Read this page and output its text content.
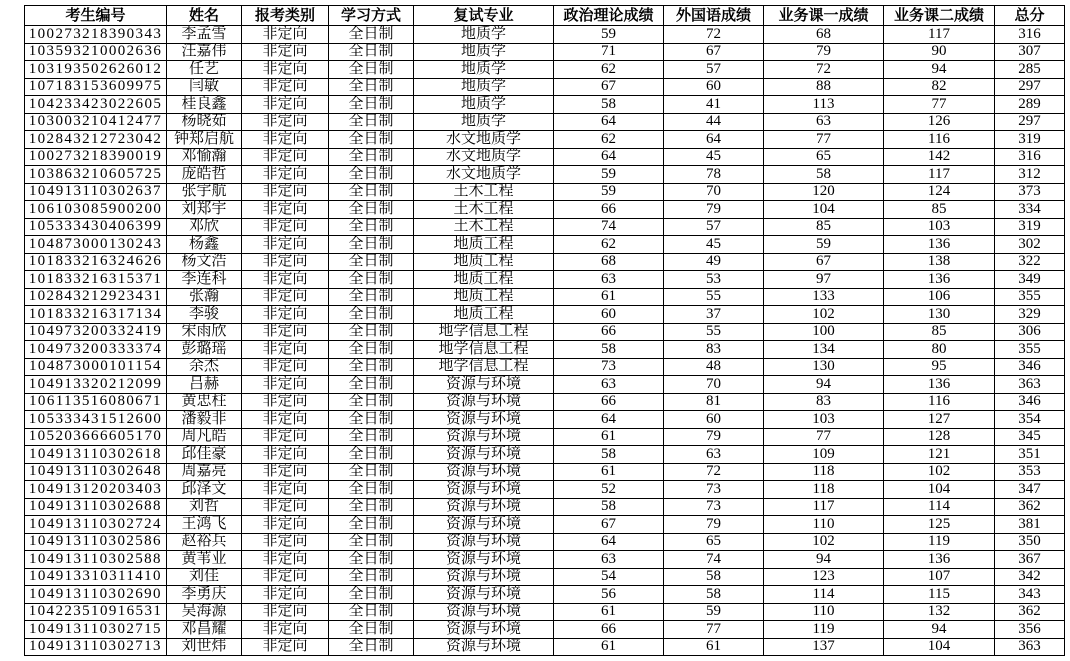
考生编号	姓名	报考类别	学习方式	复试专业	政治理论成绩	外国语成绩	业务课一成绩	业务课二成绩	总分
100273218390343	李孟雪	非定向	全日制	地质学	59	72	68	117	316
103593210002636	汪嘉伟	非定向	全日制	地质学	71	67	79	90	307
103193502626012	任艺	非定向	全日制	地质学	62	57	72	94	285
107183153609975	闫敏	非定向	全日制	地质学	67	60	88	82	297
104233423022605	桂良鑫	非定向	全日制	地质学	58	41	113	77	289
103003210412477	杨晓茹	非定向	全日制	地质学	64	44	63	126	297
102843212723042 钟郑启航	非定向	全日制	水文地质学	62	64	77	116	319
100273218390019	邓愉瀚	非定向	全日制	水文地质学	64	45	65	142	316
103863210605725	庞皓哲	非定向	全日制	水文地质学	59	78	58	117	312
104913110302637	张宇航	非定向	全日制	土木工程	59	70	120	124	373
106103085900200	刘郑宇	非定向	全日制	土木工程	66	79	104	85	334
105333430406399	邓欣	非定向	全日制	土木工程	74	57	85	103	319
104873000130243	杨鑫	非定向	全日制	地质工程	62	45	59	136	302
101833216324626	杨文浩	非定向	全日制	地质工程	68	49	67	138	322
101833216315371	李连科	非定向	全日制	地质工程	63	53	97	136	349
102843212923431	张瀚	非定向	全日制	地质工程	61	55	133	106	355
101833216317134	李骏	非定向	全日制	地质工程	60	37	102	130	329
104973200332419	宋雨欣	非定向	全日制	地学信息工程	66	55	100	85	306
104973200333374	彭璐瑶	非定向	全日制	地学信息工程	58	83	134	80	355
104873000101154	余杰	非定向	全日制	地学信息工程	73	48	130	95	346
104913320212099	吕赫	非定向	全日制	资源与环境	63	70	94	136	363
106113516080671	黄忠柱	非定向	全日制	资源与环境	66	81	83	116	346
105333431512600	潘毅非	非定向	全日制	资源与环境	64	60	103	127	354
105203666605170	周凡皓	非定向	全日制	资源与环境	61	79	77	128	345
104913110302618	邱佳豪	非定向	全日制	资源与环境	58	63	109	121	351
104913110302648	周嘉亮	非定向	全日制	资源与环境	61	72	118	102	353
104913120203403	邱泽文	非定向	全日制	资源与环境	52	73	118	104	347
104913110302688	刘哲	非定向	全日制	资源与环境	58	73	117	114	362
104913110302724	王鸿飞	非定向	全日制	资源与环境	67	79	110	125	381
104913110302586	赵裕兵	非定向	全日制	资源与环境	64	65	102	119	350
104913110302588	黄苇业	非定向	全日制	资源与环境	63	74	94	136	367
104913310311410	刘佳	非定向	全日制	资源与环境	54	58	123	107	342
104913110302690	李勇庆	非定向	全日制	资源与环境	56	58	114	115	343
104223510916531	吴海源	非定向	全日制	资源与环境	61	59	110	132	362
104913110302715	邓昌耀	非定向	全日制	资源与环境	66	77	119	94	356
104913110302713	刘世炜	非定向	全日制	资源与环境	61	61	137	104	363
